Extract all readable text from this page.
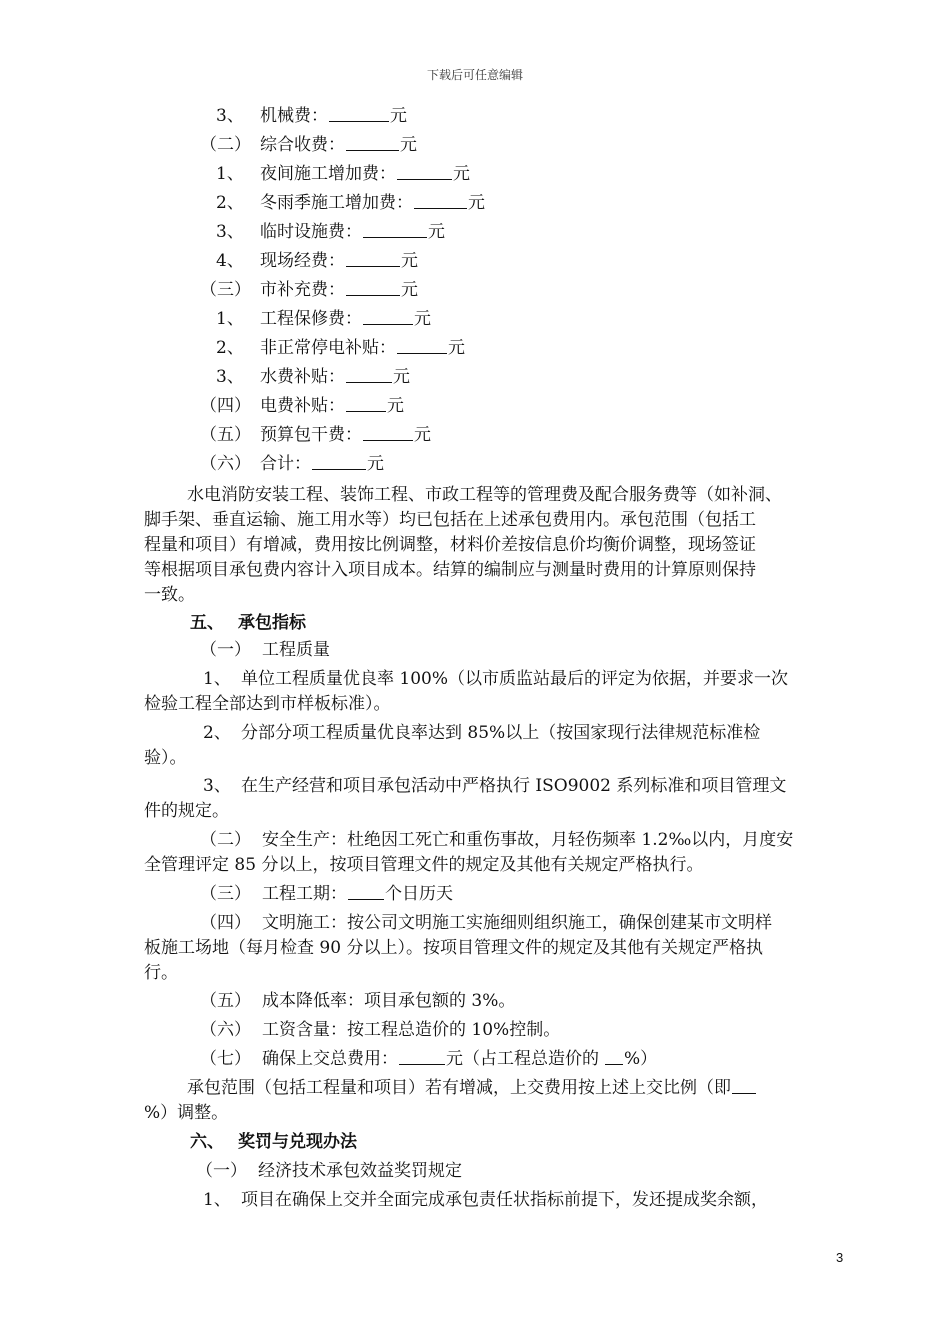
下载后可任意编辑
3、 机械费：	元
（二） 综合收费：	元
1、 夜间施工增加费：	元
2、 冬雨季施工增加费：	元
3、 临时设施费：	元
4、 现场经费：	元
（三） 市补充费：	元
1、 工程保修费：	元
2、 非正常停电补贴：	元
3、 水费补贴：	元
（四） 电费补贴： 元
（五） 预算包干费：	元
（六） 合计：	元
水电消防安装工程、装饰工程、市政工程等的管理费及配合服务费等（如补洞、
脚手架、垂直运输、施工用水等）均已包括在上述承包费用内。承包范围（包括工
程量和项目）有增减，费用按比例调整，材料价差按信息价均衡价调整，现场签证
等根据项目承包费内容计入项目成本。结算的编制应与测量时费用的计算原则保持
一致。
五、 承包指标
（一） 工程质量
1、 单位工程质量优良率 100%（以市质监站最后的评定为依据，并要求一次
检验工程全部达到市样板标准）。
2、 分部分项工程质量优良率达到 85%以上（按国家现行法律规范标准检
验）。
3、 在生产经营和项目承包活动中严格执行 ISO9002 系列标准和项目管理文
件的规定。
（二） 安全生产：杜绝因工死亡和重伤事故，月轻伤频率 1.2‰以内，月度安
全管理评定 85 分以上，按项目管理文件的规定及其他有关规定严格执行。
（三） 工程工期： 个日历天
（四） 文明施工：按公司文明施工实施细则组织施工，确保创建某市文明样
板施工场地（每月检查 90 分以上）。按项目管理文件的规定及其他有关规定严格执
行。
（五） 成本降低率：项目承包额的 3%。
（六） 工资含量：按工程总造价的 10%控制。
（七） 确保上交总费用：	元（占工程总造价的 %）
承包范围（包括工程量和项目）若有增减，上交费用按上述上交比例（即
%）调整。
六、 奖罚与兑现办法
（一） 经济技术承包效益奖罚规定
1、 项目在确保上交并全面完成承包责任状指标前提下，发还提成奖余额，
3
